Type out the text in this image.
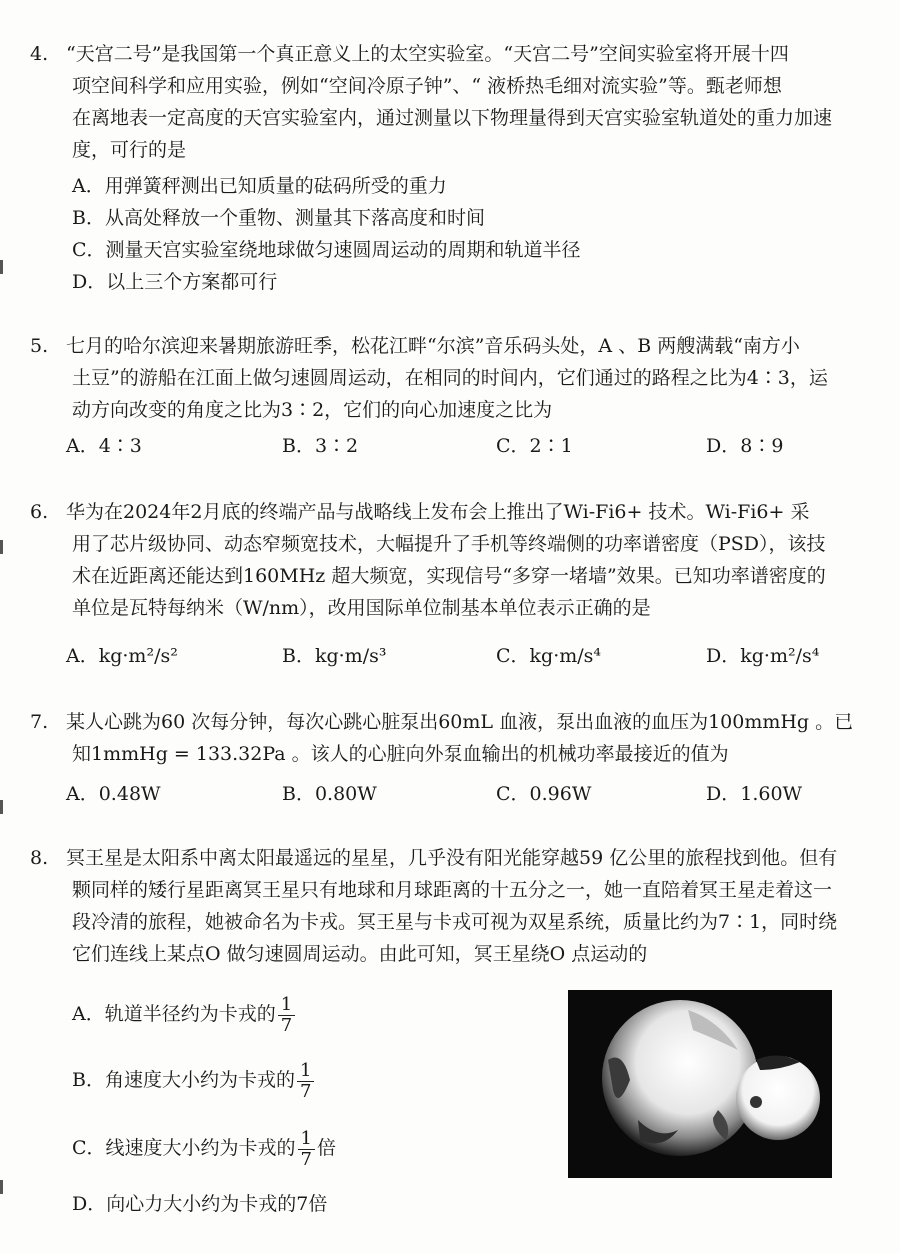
4. “天宫二号”是我国第一个真正意义上的太空实验室。“天宫二号”空间实验室将开展十四
项空间科学和应用实验，例如“空间冷原子钟”、“ 液桥热毛细对流实验”等。甄老师想
在离地表一定高度的天宫实验室内，通过测量以下物理量得到天宫实验室轨道处的重力加速
度，可行的是

A．用弹簧秤测出已知质量的砝码所受的重力
B．从高处释放一个重物、测量其下落高度和时间
C．测量天宫实验室绕地球做匀速圆周运动的周期和轨道半径
D．以上三个方案都可行

5. 七月的哈尔滨迎来暑期旅游旺季，松花江畔“尔滨”音乐码头处，A 、B 两艘满载“南方小
土豆”的游船在江面上做匀速圆周运动，在相同的时间内，它们通过的路程之比为4∶3，运
动方向改变的角度之比为3∶2，它们的向心加速度之比为

A．4∶3	B．3∶2	C．2∶1	D．8∶9

6. 华为在2024年2月底的终端产品与战略线上发布会上推出了Wi-Fi6+ 技术。Wi-Fi6+ 采
用了芯片级协同、动态窄频宽技术，大幅提升了手机等终端侧的功率谱密度（PSD），该技
术在近距离还能达到160MHz 超大频宽，实现信号“多穿一堵墙”效果。已知功率谱密度的
单位是瓦特每纳米（W/nm），改用国际单位制基本单位表示正确的是

A．kg·m²/s²	B．kg·m/s³	C．kg·m/s⁴	D．kg·m²/s⁴

7. 某人心跳为60 次每分钟，每次心跳心脏泵出60mL 血液，泵出血液的血压为100mmHg 。已
知1mmHg = 133.32Pa 。该人的心脏向外泵血输出的机械功率最接近的值为

A．0.48W	B．0.80W	C．0.96W	D．1.60W

8. 冥王星是太阳系中离太阳最遥远的星星，几乎没有阳光能穿越59 亿公里的旅程找到他。但有
颗同样的矮行星距离冥王星只有地球和月球距离的十五分之一，她一直陪着冥王星走着这一
段冷清的旅程，她被命名为卡戎。冥王星与卡戎可视为双星系统，质量比约为7∶1，同时绕
它们连线上某点O 做匀速圆周运动。由此可知，冥王星绕O 点运动的

A．轨道半径约为卡戎的 $\frac{1}{7}$
B．角速度大小约为卡戎的 $\frac{1}{7}$
C．线速度大小约为卡戎的 $\frac{1}{7}$ 倍
D．向心力大小约为卡戎的7倍
